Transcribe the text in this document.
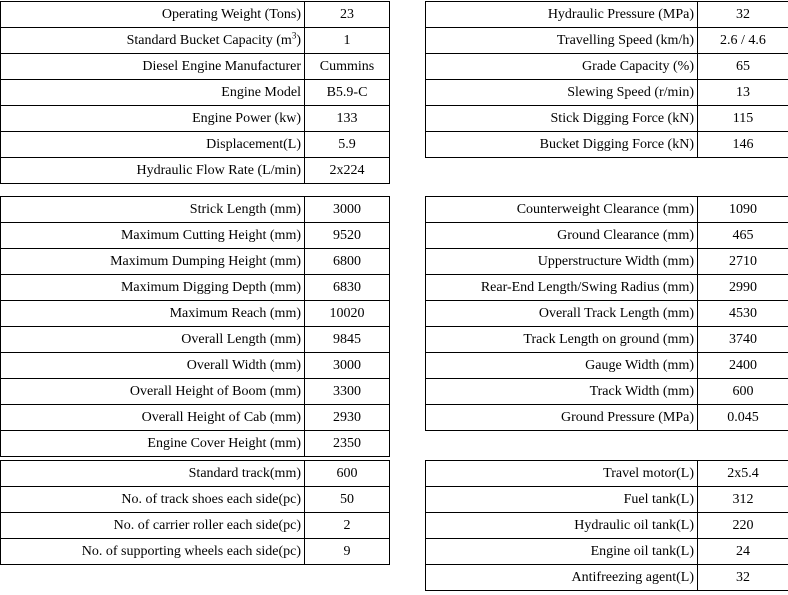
Operating Weight (Tons)	23
Standard Bucket Capacity $(m^3)$	1
Diesel Engine Manufacturer	Cummins
Engine Model	B5.9-C
Engine Power (kw)	133
Displacement(L)	5.9
Hydraulic Flow Rate (L/min)	2x224
Hydraulic Pressure (MPa)	32
Travelling Speed (km/h)	2.6 / 4.6
Grade Capacity (%)	65
Slewing Speed (r/min)	13
Stick Digging Force (kN)	115
Bucket Digging Force (kN)	146
Strick Length (mm)	3000
Maximum Cutting Height (mm)	9520
Maximum Dumping Height (mm)	6800
Maximum Digging Depth (mm)	6830
Maximum Reach (mm)	10020
Overall Length (mm)	9845
Overall Width (mm)	3000
Overall Height of Boom (mm)	3300
Overall Height of Cab (mm)	2930
Engine Cover Height (mm)	2350
Counterweight Clearance (mm)	1090
Ground Clearance (mm)	465
Upperstructure Width (mm)	2710
Rear-End Length/Swing Radius (mm)	2990
Overall Track Length (mm)	4530
Track Length on ground (mm)	3740
Gauge Width (mm)	2400
Track Width (mm)	600
Ground Pressure (MPa)	0.045
Standard track(mm)	600
No. of track shoes each side(pc)	50
No. of carrier roller each side(pc)	2
No. of supporting wheels each side(pc)	9
Travel motor(L)	2x5.4
Fuel tank(L)	312
Hydraulic oil tank(L)	220
Engine oil tank(L)	24
Antifreezing agent(L)	32
